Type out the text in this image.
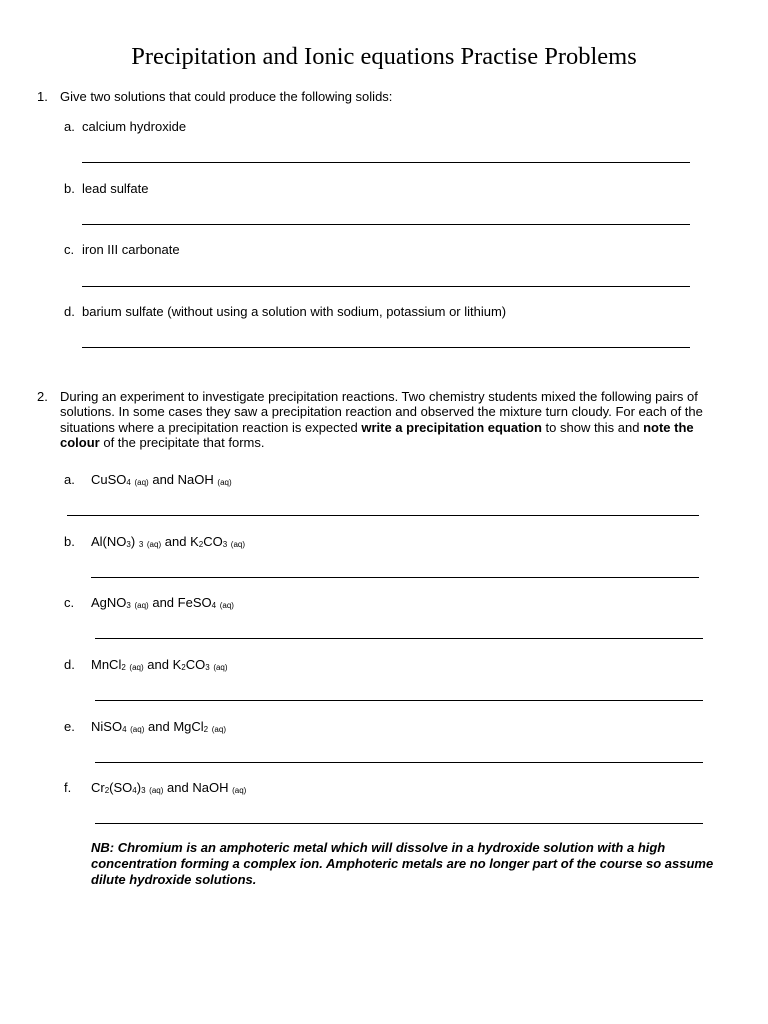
Precipitation and Ionic equations Practise Problems
1. Give two solutions that could produce the following solids:
a. calcium hydroxide
b. lead sulfate
c. iron III carbonate
d. barium sulfate (without using a solution with sodium, potassium or lithium)
2. During an experiment to investigate precipitation reactions. Two chemistry students mixed the following pairs of solutions. In some cases they saw a precipitation reaction and observed the mixture turn cloudy. For each of the situations where a precipitation reaction is expected write a precipitation equation to show this and note the colour of the precipitate that forms.
a. CuSO$_4$ $_{(aq)}$ and NaOH $_{(aq)}$
b. $Al(NO_3)$ $_3$ $_{(aq)}$ and $K_2CO_3$ $_{(aq)}$
c. AgNO$_3$ $_{(aq)}$ and FeSO$_4$ $_{(aq)}$
d. MnCl$_2$ $_{(aq)}$ and $K_2CO_3$ $_{(aq)}$
e. NiSO$_4$ $_{(aq)}$ and MgCl$_2$ $_{(aq)}$
f. $Cr_2(SO_4)_3$ $_{(aq)}$ and NaOH $_{(aq)}$
NB: Chromium is an amphoteric metal which will dissolve in a hydroxide solution with a high concentration forming a complex ion. Amphoteric metals are no longer part of the course so assume dilute hydroxide solutions.
